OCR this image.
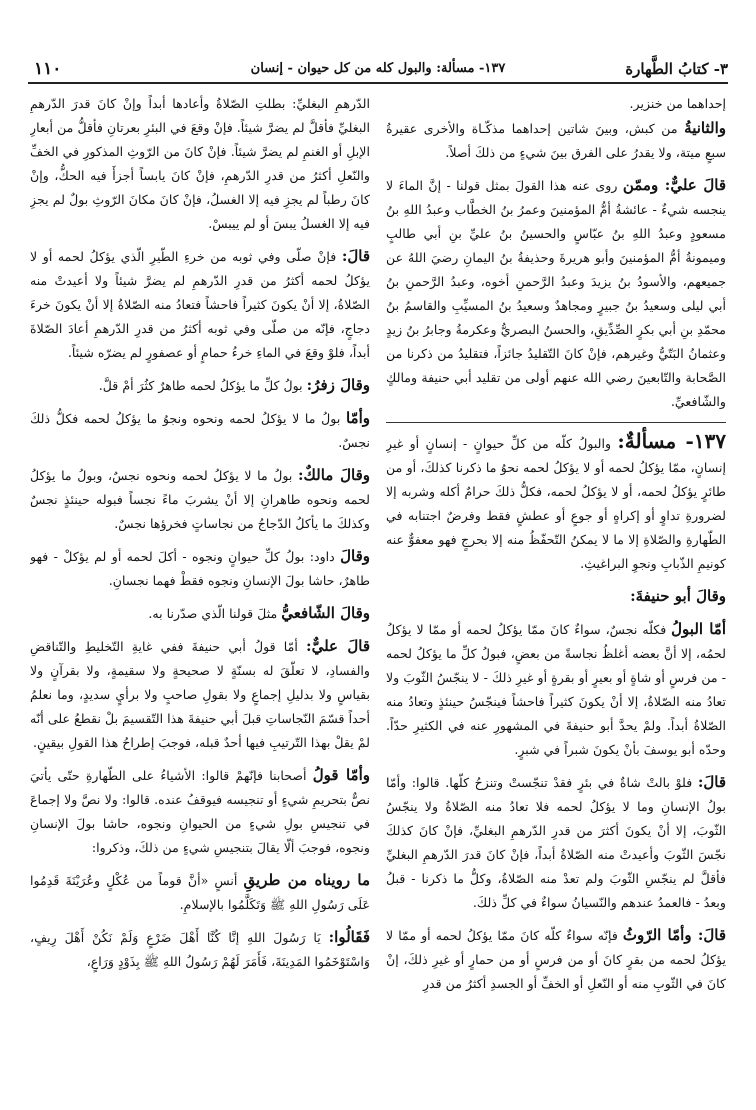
٣- كتابُ الطَّهارة
١٣٧- مسألة: والبول كله من كل حيوان - إنسان
١١٠

إحداهما من خنزير.

والثانيةُ من كبش، وبينَ شاتين إحداهما مذكّـاة والأخرى عقيرةُ سبعٍ ميتة، ولا يقدرُ على الفرق بينَ شيءٍ من ذلكَ أصلاً.

قالَ عليٌّ: وممّن روى عنه هذا القولَ بمثل قولنا - إنَّ الماءَ لا ينجسه شيءٌ - عائشةُ أمُّ المؤمنينَ وعمرُ بنُ الخطَّاب وعبدُ اللهِ بنُ مسعودٍ وعبدُ اللهِ بنُ عبّاسٍ والحسينُ بنُ عليِّ بنِ أبي طالبٍ وميمونةُ أمُّ المؤمنينَ وأبو هريرةَ وحذيفةُ بنُ اليمانِ رضيَ اللهُ عن جميعهم، والأسودُ بنُ يزيدَ وعبدُ الرَّحمنِ أخوه، وعبدُ الرَّحمنِ بنُ أبي ليلى وسعيدُ بنُ جبيرٍ ومجاهدٌ وسعيدُ بنُ المسيِّبِ والقاسمُ بنُ محمّدِ بنِ أبي بكرٍ الصِّدِّيقِ، والحسنُ البصريُّ وعكرمةُ وجابرُ بنُ زيدٍ وعثمانُ البَتّيُّ وغيرهم، فإنْ كانَ التّقليدُ جائزاً، فتقليدُ من ذكرنا من الصَّحابة والتّابعينَ رضي الله عنهم أولى من تقليد أبي حنيفة ومالكٍ والشّافعيِّ.

١٣٧- مسألةٌ: والبولُ كلّه من كلِّ حيوانٍ - إنسانٍ أو غيرِ إنسانٍ، ممّا يؤكلُ لحمه أو لا يؤكلُ لحمه نحوُ ما ذكرنا كذلكَ، أو من طائرٍ يؤكلُ لحمه، أو لا يؤكلُ لحمه، فكلُّ ذلكَ حرامٌ أكله وشربه إلا لضرورةِ تداوٍ أو إكراهٍ أو جوعٍ أو عطشٍ فقط وفرضٌ اجتنابه في الطّهارةِ والصّلاةِ إلا ما لا يمكنُ التّحفّظُ منه إلا بحرجٍ فهو معفوٌّ عنه كونيمِ الذّبابِ ونجوِ البراغيثِ.

وقالَ أبو حنيفةَ:

أمّا البولُ فكلّه نجسٌ، سواءٌ كانَ ممّا يؤكلُ لحمه أو ممّا لا يؤكلُ لحمُه، إلا أنَّ بعضه أغلظُ نجاسةً من بعضٍ، فبولُ كلِّ ما يؤكلُ لحمه - من فرسٍ أو شاةٍ أو بعيرٍ أو بقرةٍ أو غيرِ ذلكَ - لا ينجّسُ الثّوبَ ولا تعادُ منه الصّلاةُ، إلا أنْ يكونَ كثيراً فاحشاً فينجّسُ حينئذٍ وتعادُ منه الصّلاةُ أبداً. ولمْ يحدَّ أبو حنيفةَ في المشهورِ عنه في الكثيرِ حدّاً. وحدّه أبو يوسفَ بأنْ يكونَ شبراً في شبرٍ.

قالَ: فلوْ بالتْ شاةٌ في بئرٍ فقدْ تنجّستْ وتنزحُ كلّها. قالوا: وأمّا بولُ الإنسانِ وما لا يؤكلُ لحمه فلا تعادُ منه الصّلاةُ ولا ينجّسُ الثّوبَ، إلا أنْ يكونَ أكثرَ من قدرِ الدّرهمِ البغليِّ، فإنْ كانَ كذلكَ نجّسَ الثّوبَ وأعيدتْ منه الصّلاةُ أبداً، فإنْ كانَ قدرَ الدّرهمِ البغليِّ فأقلَّ لم ينجّسِ الثّوبَ ولم تعدْ منه الصّلاةُ، وكلُّ ما ذكرنا - قبلُ وبعدُ - فالعمدُ عندهم والنّسيانُ سواءٌ في كلِّ ذلكَ.

قالَ: وأمّا الرّوثُ فإنّه سواءٌ كلّه كانَ ممّا يؤكلُ لحمه أو ممّا لا يؤكلُ لحمه من بقرٍ كانَ أو من فرسٍ أو من حمارٍ أو غيرِ ذلكَ، إنْ كانَ في الثّوبِ منه أو النّعلِ أو الخفِّ أو الجسدِ أكثرُ من قدرِ

الدّرهمِ البغليِّ: بطلتِ الصّلاةُ وأعادها أبداً وإنْ كانَ قدرَ الدّرهمِ البغليِّ فأقلَّ لم يضرَّ شيئاً. فإنْ وقعَ في البئرِ بعرتانِ فأقلُّ من أبعارِ الإبلِ أو الغنمِ لم يضرَّ شيئاً. فإنْ كانَ من الرّوثِ المذكورِ في الخفِّ والنّعلِ أكثرُ من قدرِ الدّرهمِ، فإنْ كانَ يابساً أجزأَ فيه الحكُّ، وإنْ كانَ رطباً لم يجزِ فيه إلا الغسلُ، فإنْ كانَ مكانَ الرّوثِ بولٌ لم يجزِ فيه إلا الغسلُ يبسَ أو لم ييبسْ.

قالَ: فإنْ صلّى وفي ثوبه من خرءِ الطّيرِ الّذي يؤكلُ لحمه أو لا يؤكلُ لحمه أكثرُ من قدرِ الدّرهمِ لم يضرَّ شيئاً ولا أعيدتْ منه الصّلاةُ، إلا أنْ يكونَ كثيراً فاحشاً فتعادُ منه الصّلاةُ إلا أنْ يكونَ خرءَ دجاجٍ، فإنّه من صلّى وفي ثوبه أكثرُ من قدرِ الدّرهمِ أعادَ الصّلاةَ أبداً، فلوْ وقعَ في الماءِ خرءُ حمامٍ أو عصفورٍ لم يضرّه شيئاً.

وقالَ زفرُ: بولُ كلِّ ما يؤكلُ لحمه طاهرٌ كثُرَ أمْ قلَّ.

وأمّا بولُ ما لا يؤكلُ لحمه ونحوه ونجوُ ما يؤكلُ لحمه فكلُّ ذلكَ نجسٌ.

وقالَ مالكٌ: بولُ ما لا يؤكلُ لحمه ونحوه نجسٌ، وبولُ ما يؤكلُ لحمه ونحوه طاهرانِ إلا أنْ يشربَ ماءً نجساً فبوله حينئذٍ نجسٌ وكذلكَ ما يأكلُ الدّجاجُ من نجاساتٍ فخرؤها نجسٌ.

وقالَ داود: بولُ كلِّ حيوانٍ ونجوه - أكلَ لحمه أو لم يؤكلْ - فهو طاهرٌ، حاشا بولَ الإنسانِ ونجوه فقطْ فهما نجسانِ.

وقالَ الشّافعيُّ مثلَ قولنا الّذي صدّرنا به.

قالَ عليٌّ: أمّا قولُ أبي حنيفةَ ففي غايةِ التّخليطِ والتّناقضِ والفسادِ، لا تعلّقَ له بسنّةٍ لا صحيحةٍ ولا سقيمةٍ، ولا بقرآنٍ ولا بقياسٍ ولا بدليلِ إجماعٍ ولا بقولِ صاحبٍ ولا برأيٍ سديدٍ، وما نعلمُ أحداً قسّمَ النّجاساتِ قبلَ أبي حنيفةَ هذا التّقسيمَ بلْ نقطعُ على أنّه لمْ يقلْ بهذا التّرتيبِ فيها أحدٌ قبله، فوجبَ إطراحُ هذا القولِ بيقينٍ.

وأمّا قولُ أصحابنا فإنّهمْ قالوا: الأشياءُ على الطّهارةِ حتّى يأتيَ نصٌّ بتحريمِ شيءٍ أو تنجيسه فيوقفُ عنده. قالوا: ولا نصَّ ولا إجماعَ في تنجيسِ بولِ شيءٍ من الحيوانِ ونجوه، حاشا بولَ الإنسانِ ونجوه، فوجبَ ألّا يقالَ بتنجيسِ شيءٍ من ذلكَ، وذكروا:

ما رويناه من طريقِ أنسٍ «أنَّ قوماً من عُكْلٍ وعُرَيْنَةَ قَدِمُوا عَلَى رَسُولِ اللهِ ﷺ وَتَكَلَّمُوا بالإسلامِ.

فَقَالُوا: يَا رَسُولَ اللهِ إنَّا كُنَّا أَهْلَ ضَرْعٍ وَلَمْ نَكُنْ أَهْلَ رِيفٍ، وَاسْتَوْخَمُوا المَدِينَةَ، فَأَمَرَ لَهُمْ رَسُولُ اللهِ ﷺ بِذَوْدٍ وَرَاعٍ،
